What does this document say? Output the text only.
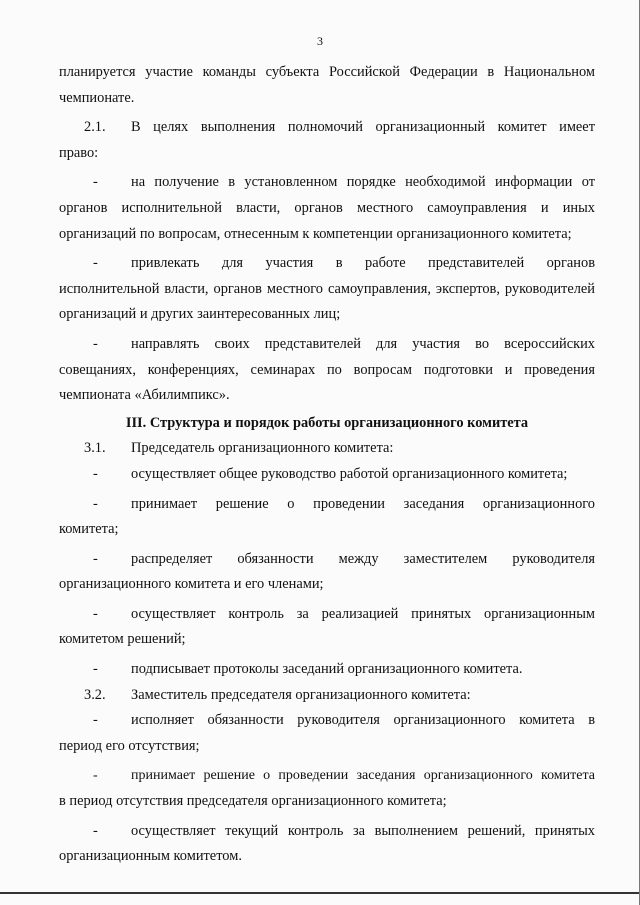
3

планируется участие команды субъекта Российской Федерации в Национальном

чемпионате.

2.1. В целях выполнения полномочий организационный комитет имеет

право:

- на получение в установленном порядке необходимой информации от

органов исполнительной власти, органов местного самоуправления и иных организаций по вопросам, отнесенным к компетенции организационного комитета;

- привлекать для участия в работе представителей органов

исполнительной власти, органов местного самоуправления, экспертов, руководителей организаций и других заинтересованных лиц;

- направлять своих представителей для участия во всероссийских

совещаниях, конференциях, семинарах по вопросам подготовки и проведения чемпионата «Абилимпикс».

III. Структура и порядок работы организационного комитета
3.1. Председатель организационного комитета:
- осуществляет общее руководство работой организационного комитета;
- принимает решение о проведении заседания организационного

комитета;

- распределяет обязанности между заместителем руководителя

организационного комитета и его членами;

- осуществляет контроль за реализацией принятых организационным

комитетом решений;

- подписывает протоколы заседаний организационного комитета.
3.2. Заместитель председателя организационного комитета:
- исполняет обязанности руководителя организационного комитета в

период его отсутствия;

- принимает решение о проведении заседания организационного комитета

в период отсутствия председателя организационного комитета;

- осуществляет текущий контроль за выполнением решений, принятых

организационным комитетом.
